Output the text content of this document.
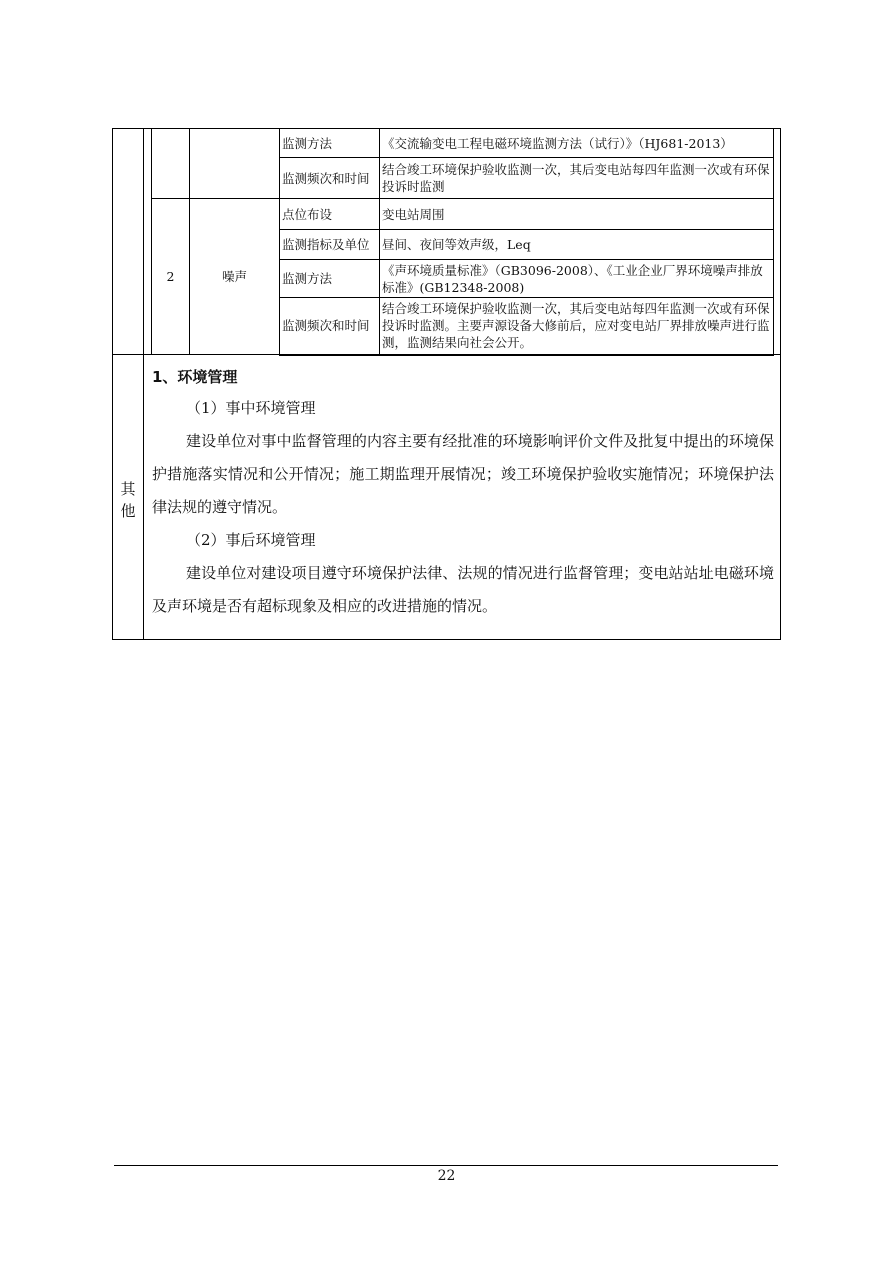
其
他
		监测方法	《交流输变电工程电磁环境监测方法（试行）》（HJ681-2013）
		监测频次和时间	结合竣工环境保护验收监测一次，其后变电站每四年监测一次或有环保投诉时监测
2	噪声	点位布设	变电站周围
		监测指标及单位	昼间、夜间等效声级，Leq
		监测方法	《声环境质量标准》（GB3096-2008）、《工业企业厂界环境噪声排放标准》(GB12348-2008)
		监测频次和时间	结合竣工环境保护验收监测一次，其后变电站每四年监测一次或有环保投诉时监测。主要声源设备大修前后，应对变电站厂界排放噪声进行监测，监测结果向社会公开。
1、环境管理
（1）事中环境管理

建设单位对事中监督管理的内容主要有经批准的环境影响评价文件及批复中提出的环境保护措施落实情况和公开情况；施工期监理开展情况；竣工环境保护验收实施情况；环境保护法律法规的遵守情况。

（2）事后环境管理

建设单位对建设项目遵守环境保护法律、法规的情况进行监督管理；变电站站址电磁环境及声环境是否有超标现象及相应的改进措施的情况。

22
